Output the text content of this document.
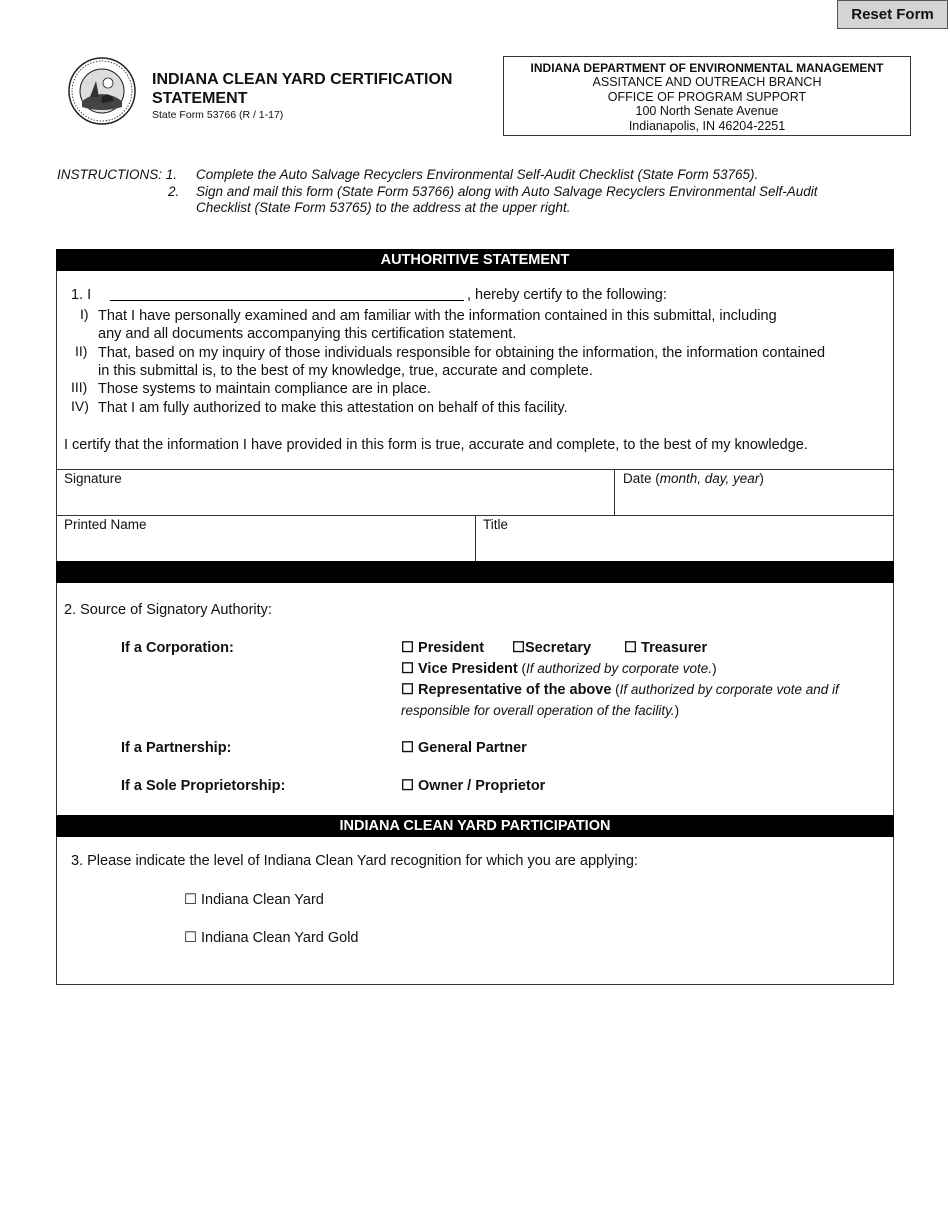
Reset Form
INDIANA CLEAN YARD CERTIFICATION
STATEMENT
State Form 53766 (R / 1-17)
INDIANA DEPARTMENT OF ENVIRONMENTAL MANAGEMENT
ASSITANCE AND OUTREACH BRANCH
OFFICE OF PROGRAM SUPPORT
100 North Senate Avenue
Indianapolis, IN 46204-2251
INSTRUCTIONS: 1. Complete the Auto Salvage Recyclers Environmental Self-Audit Checklist (State Form 53765).
2. Sign and mail this form (State Form 53766) along with Auto Salvage Recyclers Environmental Self-Audit
Checklist (State Form 53765) to the address at the upper right.
AUTHORITIVE STATEMENT
1. I	, hereby certify to the following:
I) That I have personally examined and am familiar with the information contained in this submittal, including
any and all documents accompanying this certification statement.
II) That, based on my inquiry of those individuals responsible for obtaining the information, the information contained
in this submittal is, to the best of my knowledge, true, accurate and complete.
III) Those systems to maintain compliance are in place.
IV) That I am fully authorized to make this attestation on behalf of this facility.
I certify that the information I have provided in this form is true, accurate and complete, to the best of my knowledge.
Signature	Date (month, day, year)
Printed Name	Title
2. Source of Signatory Authority:
If a Corporation:	☐ President ☐Secretary ☐ Treasurer
☐ Vice President (If authorized by corporate vote.)
☐ Representative of the above (If authorized by corporate vote and if
responsible for overall operation of the facility.)
If a Partnership:	☐ General Partner
If a Sole Proprietorship:	☐ Owner / Proprietor
INDIANA CLEAN YARD PARTICIPATION
3. Please indicate the level of Indiana Clean Yard recognition for which you are applying:
☐ Indiana Clean Yard
☐ Indiana Clean Yard Gold
